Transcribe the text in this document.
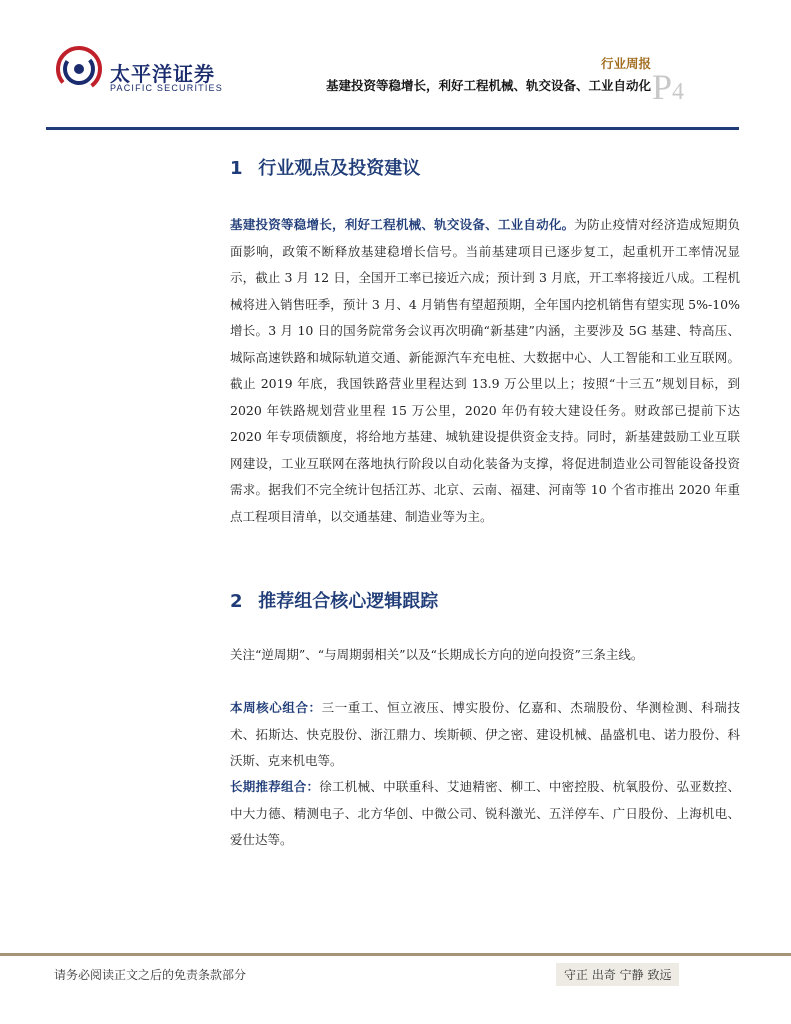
太平洋证券
PACIFIC SECURITIES
行业周报
基建投资等稳增长，利好工程机械、轨交设备、工业自动化 P4
1 行业观点及投资建议
基建投资等稳增长，利好工程机械、轨交设备、工业自动化。为防止疫情对经济造成短期负面影响，政策不断释放基建稳增长信号。当前基建项目已逐步复工，起重机开工率情况显示，截止 3 月 12 日，全国开工率已接近六成；预计到 3 月底，开工率将接近八成。工程机械将进入销售旺季，预计 3 月、4 月销售有望超预期，全年国内挖机销售有望实现 5%-10%增长。3 月 10 日的国务院常务会议再次明确“新基建”内涵，主要涉及 5G 基建、特高压、城际高速铁路和城际轨道交通、新能源汽车充电桩、大数据中心、人工智能和工业互联网。截止 2019 年底，我国铁路营业里程达到 13.9 万公里以上；按照“十三五”规划目标，到 2020 年铁路规划营业里程 15 万公里，2020 年仍有较大建设任务。财政部已提前下达 2020 年专项债额度，将给地方基建、城轨建设提供资金支持。同时，新基建鼓励工业互联网建设，工业互联网在落地执行阶段以自动化装备为支撑，将促进制造业公司智能设备投资需求。据我们不完全统计包括江苏、北京、云南、福建、河南等 10 个省市推出 2020 年重点工程项目清单，以交通基建、制造业等为主。
2 推荐组合核心逻辑跟踪
关注“逆周期”、“与周期弱相关”以及“长期成长方向的逆向投资”三条主线。
本周核心组合：三一重工、恒立液压、博实股份、亿嘉和、杰瑞股份、华测检测、科瑞技术、拓斯达、快克股份、浙江鼎力、埃斯顿、伊之密、建设机械、晶盛机电、诺力股份、科沃斯、克来机电等。
长期推荐组合：徐工机械、中联重科、艾迪精密、柳工、中密控股、杭氧股份、弘亚数控、中大力德、精测电子、北方华创、中微公司、锐科激光、五洋停车、广日股份、上海机电、爱仕达等。
请务必阅读正文之后的免责条款部分	守正 出奇 宁静 致远
